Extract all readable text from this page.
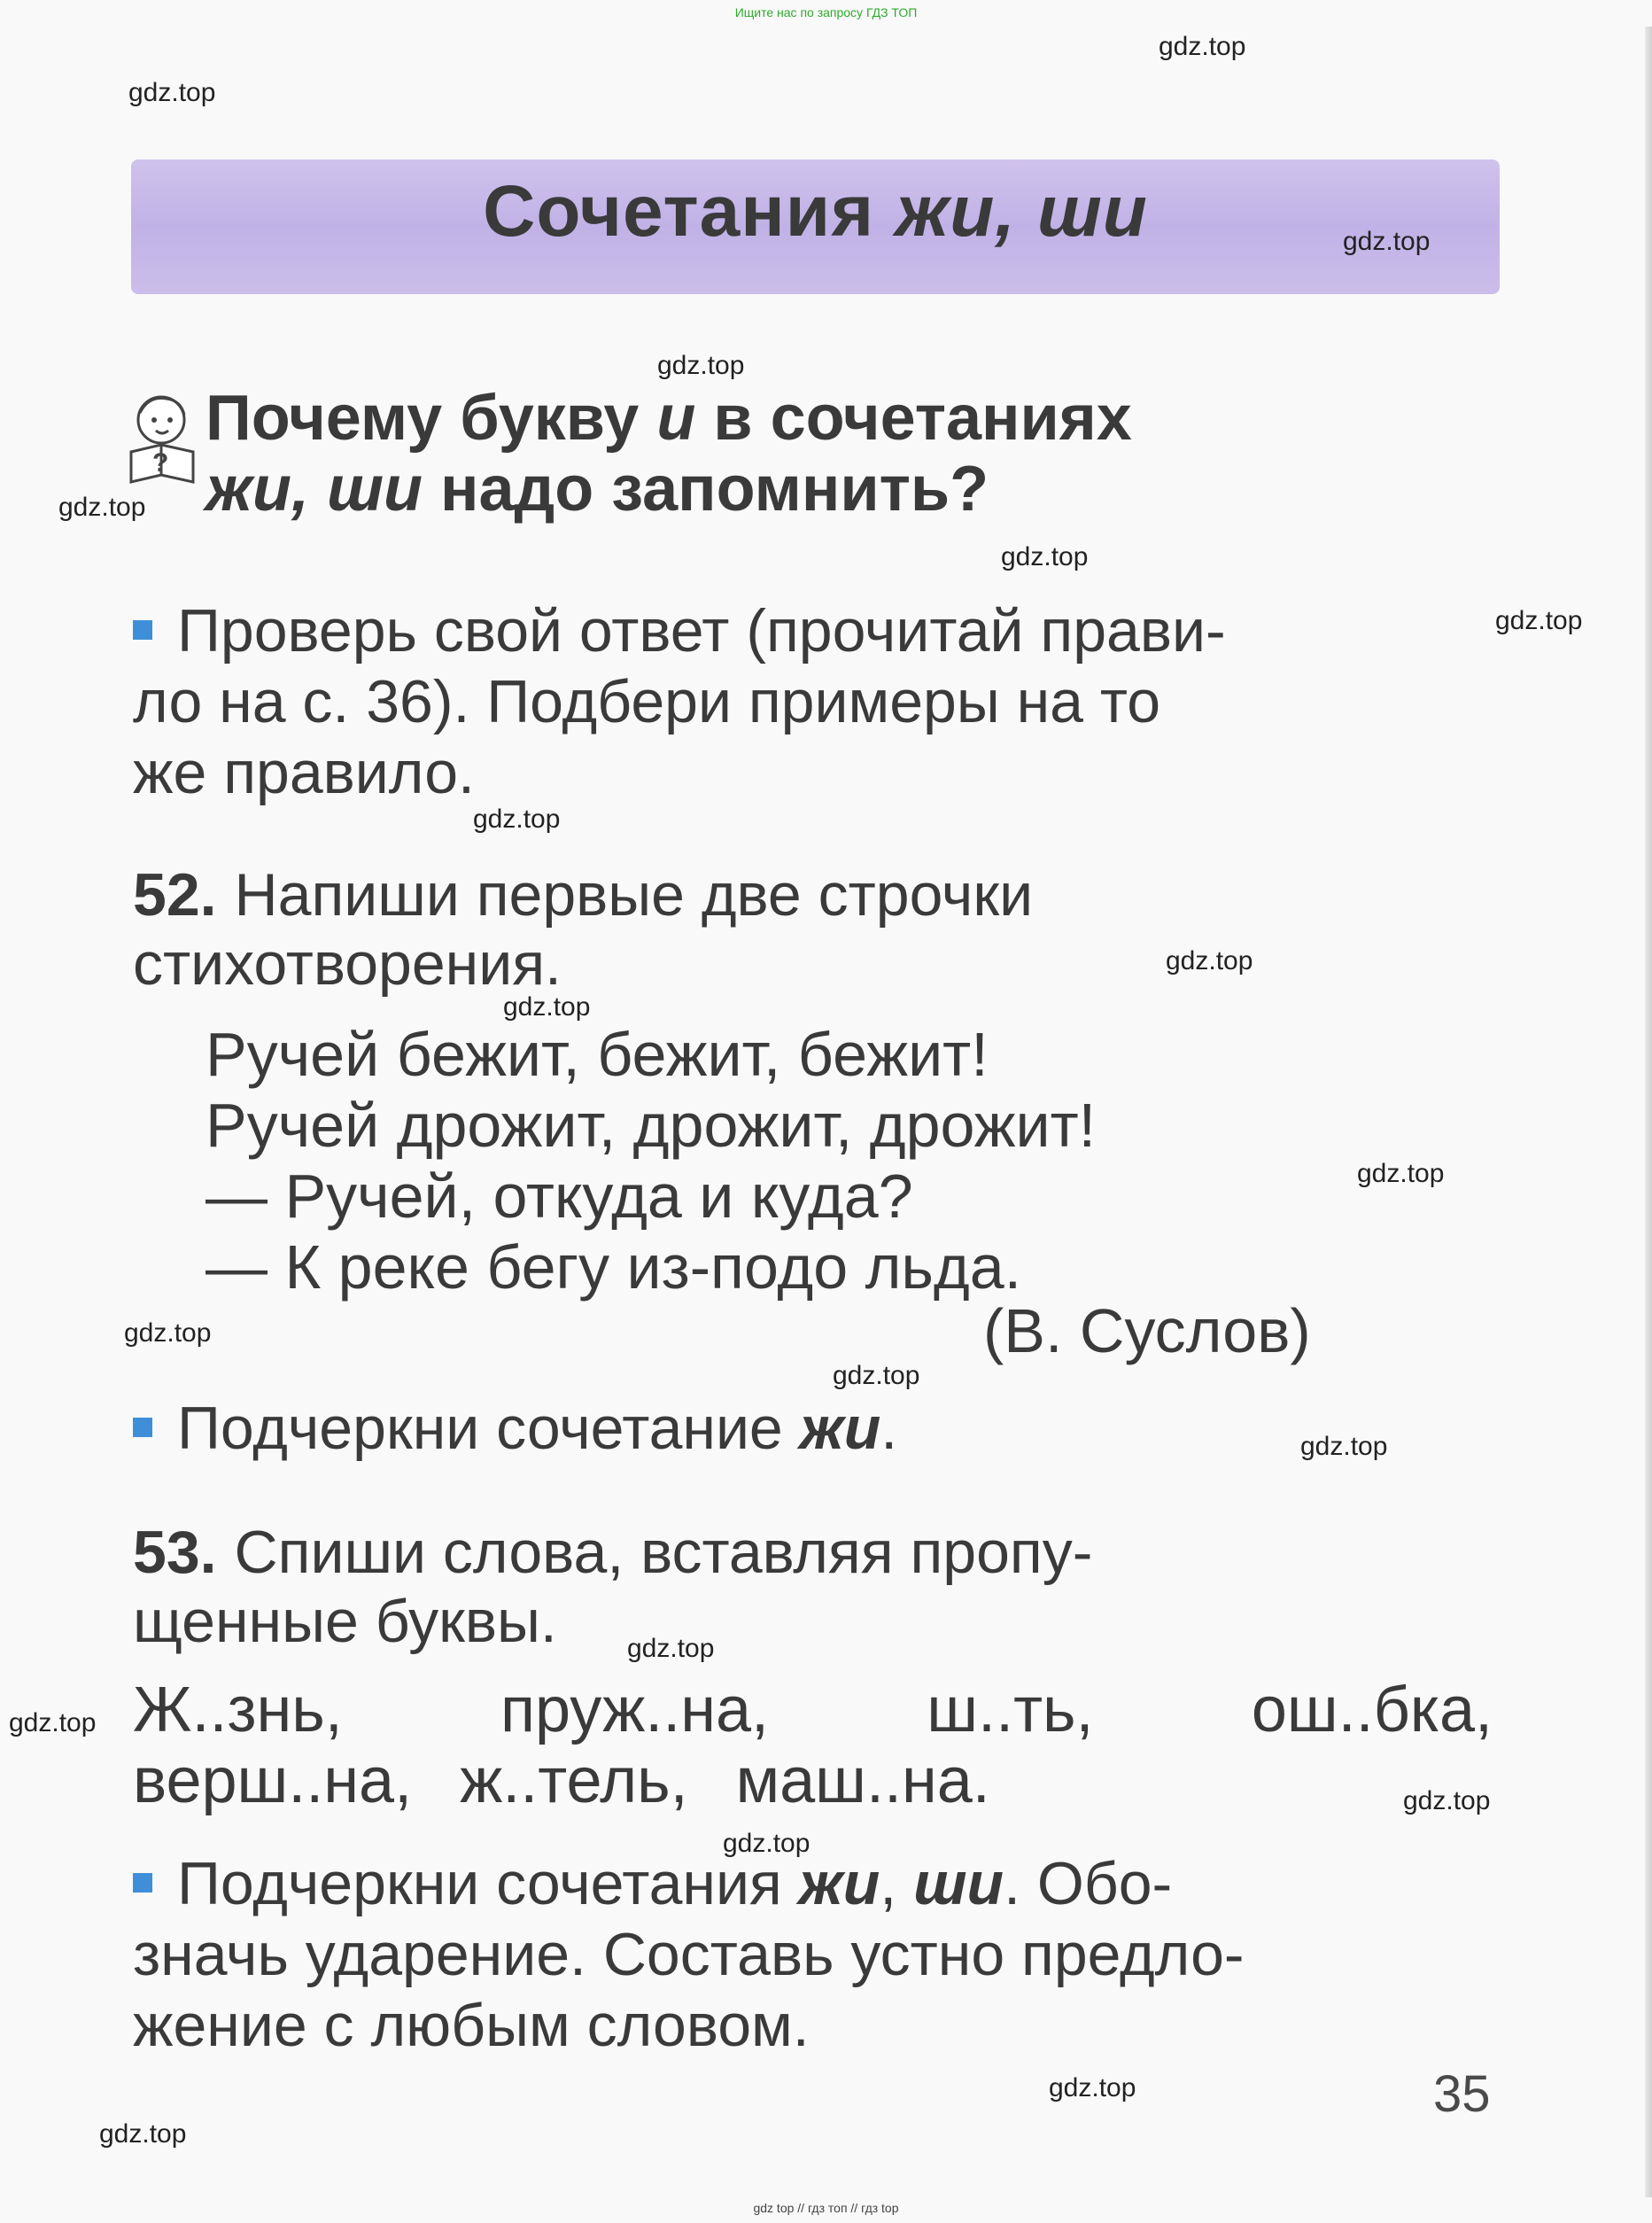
Ищите нас по запросу ГДЗ ТОП
Сочетания жи, ши
?
Почему букву и в сочетаниях
жи, ши надо запомнить?
Проверь свой ответ (прочитай прави-
ло на с. 36). Подбери примеры на то
же правило.
52. Напиши первые две строчки
стихотворения.
Ручей бежит, бежит, бежит!
Ручей дрожит, дрожит, дрожит!
— Ручей, откуда и куда?
— К реке бегу из-подо льда.
(В. Суслов)
Подчеркни сочетание жи.
53. Спиши слова, вставляя пропу-
щенные буквы.
Ж..знь, пруж..на, ш..ть, ош..бка,
верш..на, ж..тель, маш..на.
Подчеркни сочетания жи, ши. Обо-
значь ударение. Составь устно предло-
жение с любым словом.
35
gdz.top
gdz.top
gdz.top
gdz.top
gdz.top
gdz.top
gdz.top
gdz.top
gdz.top
gdz.top
gdz.top
gdz.top
gdz.top
gdz.top
gdz.top
gdz.top
gdz.top
gdz.top
gdz.top
gdz.top
gdz top // гдз топ // гдз top
